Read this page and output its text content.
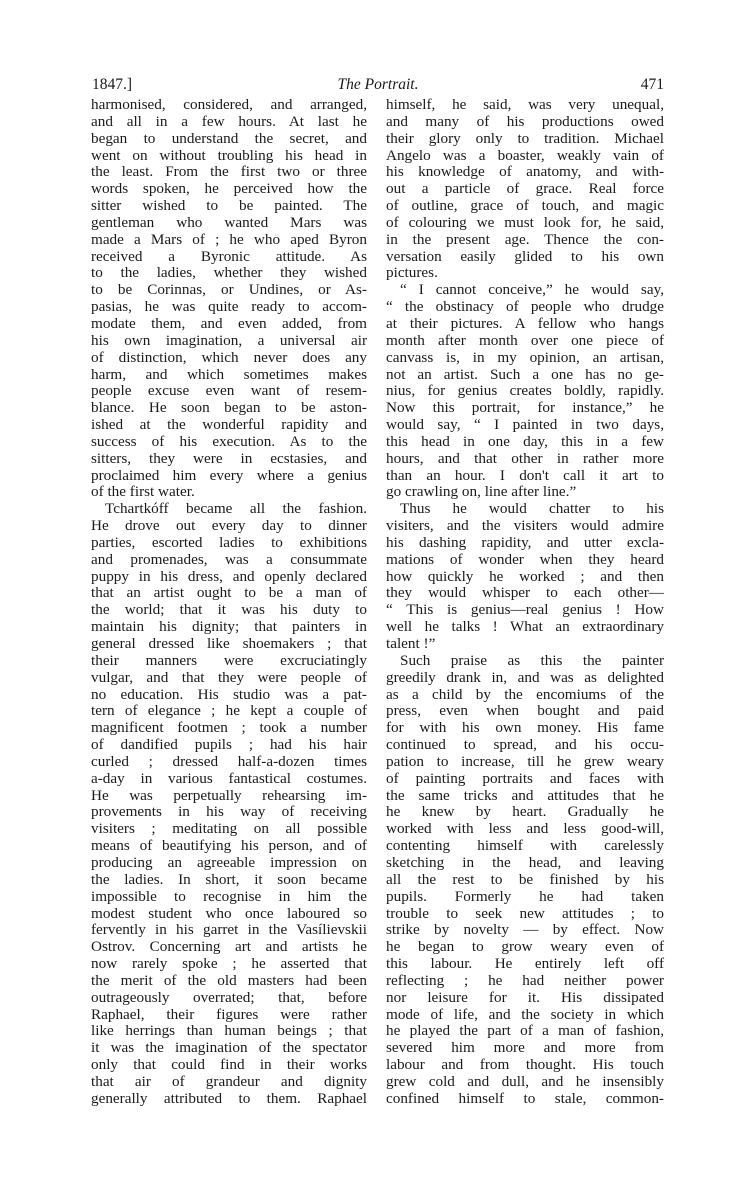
1847.]	The Portrait.	471
harmonised, considered, and arranged,
and all in a few hours. At last he
began to understand the secret, and
went on without troubling his head in
the least. From the first two or three
words spoken, he perceived how the
sitter wished to be painted. The
gentleman who wanted Mars was
made a Mars of ; he who aped Byron
received a Byronic attitude. As
to the ladies, whether they wished
to be Corinnas, or Undines, or As-
pasias, he was quite ready to accom-
modate them, and even added, from
his own imagination, a universal air
of distinction, which never does any
harm, and which sometimes makes
people excuse even want of resem-
blance. He soon began to be aston-
ished at the wonderful rapidity and
success of his execution. As to the
sitters, they were in ecstasies, and
proclaimed him every where a genius
of the first water.
Tchartkóff became all the fashion.
He drove out every day to dinner
parties, escorted ladies to exhibitions
and promenades, was a consummate
puppy in his dress, and openly declared
that an artist ought to be a man of
the world; that it was his duty to
maintain his dignity; that painters in
general dressed like shoemakers ; that
their manners were excruciatingly
vulgar, and that they were people of
no education. His studio was a pat-
tern of elegance ; he kept a couple of
magnificent footmen ; took a number
of dandified pupils ; had his hair
curled ; dressed half-a-dozen times
a-day in various fantastical costumes.
He was perpetually rehearsing im-
provements in his way of receiving
visiters ; meditating on all possible
means of beautifying his person, and of
producing an agreeable impression on
the ladies. In short, it soon became
impossible to recognise in him the
modest student who once laboured so
fervently in his garret in the Vasílievskii
Ostrov. Concerning art and artists he
now rarely spoke ; he asserted that
the merit of the old masters had been
outrageously overrated; that, before
Raphael, their figures were rather
like herrings than human beings ; that
it was the imagination of the spectator
only that could find in their works
that air of grandeur and dignity
generally attributed to them. Raphael
himself, he said, was very unequal,
and many of his productions owed
their glory only to tradition. Michael
Angelo was a boaster, weakly vain of
his knowledge of anatomy, and with-
out a particle of grace. Real force
of outline, grace of touch, and magic
of colouring we must look for, he said,
in the present age. Thence the con-
versation easily glided to his own
pictures.
“ I cannot conceive,” he would say,
“ the obstinacy of people who drudge
at their pictures. A fellow who hangs
month after month over one piece of
canvass is, in my opinion, an artisan,
not an artist. Such a one has no ge-
nius, for genius creates boldly, rapidly.
Now this portrait, for instance,” he
would say, “ I painted in two days,
this head in one day, this in a few
hours, and that other in rather more
than an hour. I don't call it art to
go crawling on, line after line.”
Thus he would chatter to his
visiters, and the visiters would admire
his dashing rapidity, and utter excla-
mations of wonder when they heard
how quickly he worked ; and then
they would whisper to each other—
“ This is genius—real genius ! How
well he talks ! What an extraordinary
talent !”
Such praise as this the painter
greedily drank in, and was as delighted
as a child by the encomiums of the
press, even when bought and paid
for with his own money. His fame
continued to spread, and his occu-
pation to increase, till he grew weary
of painting portraits and faces with
the same tricks and attitudes that he
he knew by heart. Gradually he
worked with less and less good-will,
contenting himself with carelessly
sketching in the head, and leaving
all the rest to be finished by his
pupils. Formerly he had taken
trouble to seek new attitudes ; to
strike by novelty — by effect. Now
he began to grow weary even of
this labour. He entirely left off
reflecting ; he had neither power
nor leisure for it. His dissipated
mode of life, and the society in which
he played the part of a man of fashion,
severed him more and more from
labour and from thought. His touch
grew cold and dull, and he insensibly
confined himself to stale, common-
